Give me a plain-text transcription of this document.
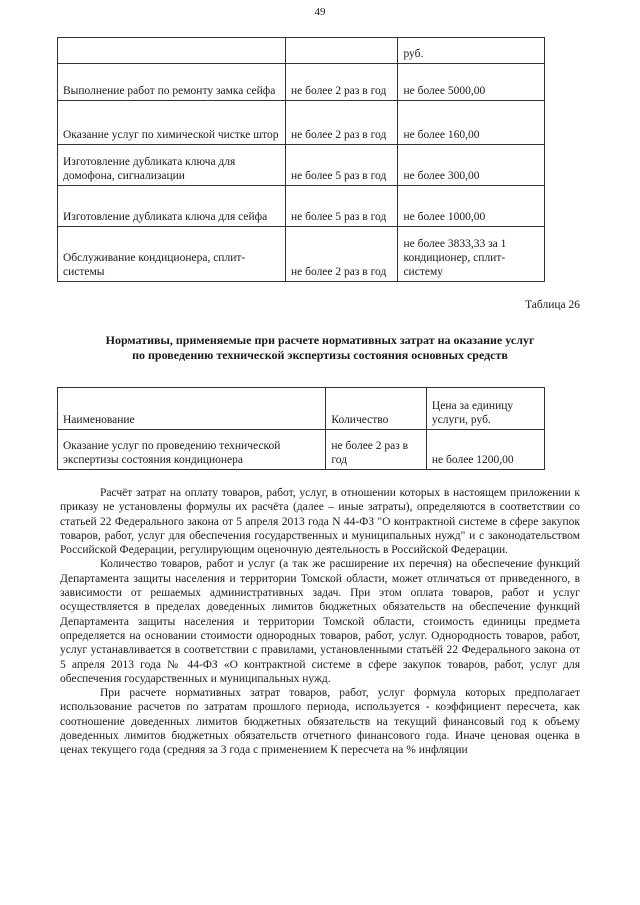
49
		руб.
Выполнение работ по ремонту замка сейфа	не более 2 раз в год	не более 5000,00
Оказание услуг по химической чистке штор	не более 2 раз в год	не более 160,00
Изготовление дубликата ключа для домофона, сигнализации	не более 5 раз в год	не более 300,00
Изготовление дубликата ключа для сейфа	не более 5 раз в год	не более 1000,00
Обслуживание кондиционера, сплит-системы	не более 2 раз в год	не более 3833,33 за 1 кондиционер, сплит-систему
Таблица 26
Нормативы, применяемые при расчете нормативных затрат на оказание услуг по проведению технической экспертизы состояния основных средств
Наименование	Количество	Цена за единицу услуги, руб.
Оказание услуг по проведению технической экспертизы состояния кондиционера	не более 2 раз в год	не более 1200,00

Расчёт затрат на оплату товаров, работ, услуг, в отношении которых в настоящем приложении к приказу не установлены формулы их расчёта (далее – иные затраты), определяются в соответствии со статьей 22 Федерального закона от 5 апреля 2013 года N 44-ФЗ "О контрактной системе в сфере закупок товаров, работ, услуг для обеспечения государственных и муниципальных нужд" и с законодательством Российской Федерации, регулирующим оценочную деятельность в Российской Федерации.

Количество товаров, работ и услуг (а так же расширение их перечня) на обеспечение функций Департамента защиты населения и территории Томской области, может отличаться от приведенного, в зависимости от решаемых административных задач. При этом оплата товаров, работ и услуг осуществляется в пределах доведенных лимитов бюджетных обязательств на обеспечение функций Департамента защиты населения и территории Томской области, стоимость единицы предмета определяется на основании стоимости однородных товаров, работ, услуг. Однородность товаров, работ, услуг устанавливается в соответствии с правилами, установленными статьёй 22 Федерального закона от 5 апреля 2013 года № 44-ФЗ «О контрактной системе в сфере закупок товаров, работ, услуг для обеспечения государственных и муниципальных нужд.

При расчете нормативных затрат товаров, работ, услуг формула которых предполагает использование расчетов по затратам прошлого периода, используется - коэффициент пересчета, как соотношение доведенных лимитов бюджетных обязательств на текущий финансовый год к объему доведенных лимитов бюджетных обязательств отчетного финансового года. Иначе ценовая оценка в ценах текущего года (средняя за 3 года с применением К пересчета на % инфляции
